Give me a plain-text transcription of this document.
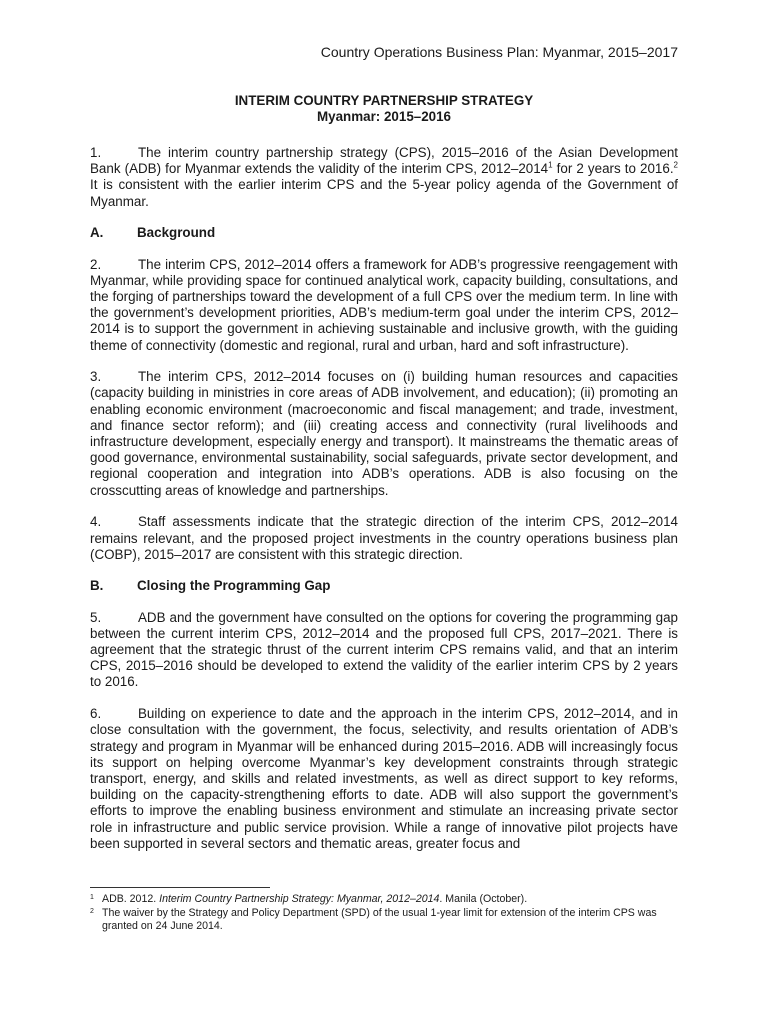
Country Operations Business Plan: Myanmar, 2015–2017
INTERIM COUNTRY PARTNERSHIP STRATEGY
Myanmar: 2015–2016

1.	The interim country partnership strategy (CPS), 2015–2016 of the Asian Development Bank (ADB) for Myanmar extends the validity of the interim CPS, 2012–2014$^1$ for 2 years to 2016.$^2$ It is consistent with the earlier interim CPS and the 5-year policy agenda of the Government of Myanmar.

A.	Background

2.	The interim CPS, 2012–2014 offers a framework for ADB’s progressive reengagement with Myanmar, while providing space for continued analytical work, capacity building, consultations, and the forging of partnerships toward the development of a full CPS over the medium term. In line with the government’s development priorities, ADB’s medium-term goal under the interim CPS, 2012–2014 is to support the government in achieving sustainable and inclusive growth, with the guiding theme of connectivity (domestic and regional, rural and urban, hard and soft infrastructure).

3.	The interim CPS, 2012–2014 focuses on (i) building human resources and capacities (capacity building in ministries in core areas of ADB involvement, and education); (ii) promoting an enabling economic environment (macroeconomic and fiscal management; and trade, investment, and finance sector reform); and (iii) creating access and connectivity (rural livelihoods and infrastructure development, especially energy and transport). It mainstreams the thematic areas of good governance, environmental sustainability, social safeguards, private sector development, and regional cooperation and integration into ADB’s operations. ADB is also focusing on the crosscutting areas of knowledge and partnerships.

4.	Staff assessments indicate that the strategic direction of the interim CPS, 2012–2014 remains relevant, and the proposed project investments in the country operations business plan (COBP), 2015–2017 are consistent with this strategic direction.

B.	Closing the Programming Gap

5.	ADB and the government have consulted on the options for covering the programming gap between the current interim CPS, 2012–2014 and the proposed full CPS, 2017–2021. There is agreement that the strategic thrust of the current interim CPS remains valid, and that an interim CPS, 2015–2016 should be developed to extend the validity of the earlier interim CPS by 2 years to 2016.

6.	Building on experience to date and the approach in the interim CPS, 2012–2014, and in close consultation with the government, the focus, selectivity, and results orientation of ADB’s strategy and program in Myanmar will be enhanced during 2015–2016. ADB will increasingly focus its support on helping overcome Myanmar’s key development constraints through strategic transport, energy, and skills and related investments, as well as direct support to key reforms, building on the capacity-strengthening efforts to date. ADB will also support the government’s efforts to improve the enabling business environment and stimulate an increasing private sector role in infrastructure and public service provision. While a range of innovative pilot projects have been supported in several sectors and thematic areas, greater focus and

1 ADB. 2012. Interim Country Partnership Strategy: Myanmar, 2012–2014. Manila (October).
2 The waiver by the Strategy and Policy Department (SPD) of the usual 1-year limit for extension of the interim CPS was granted on 24 June 2014.
